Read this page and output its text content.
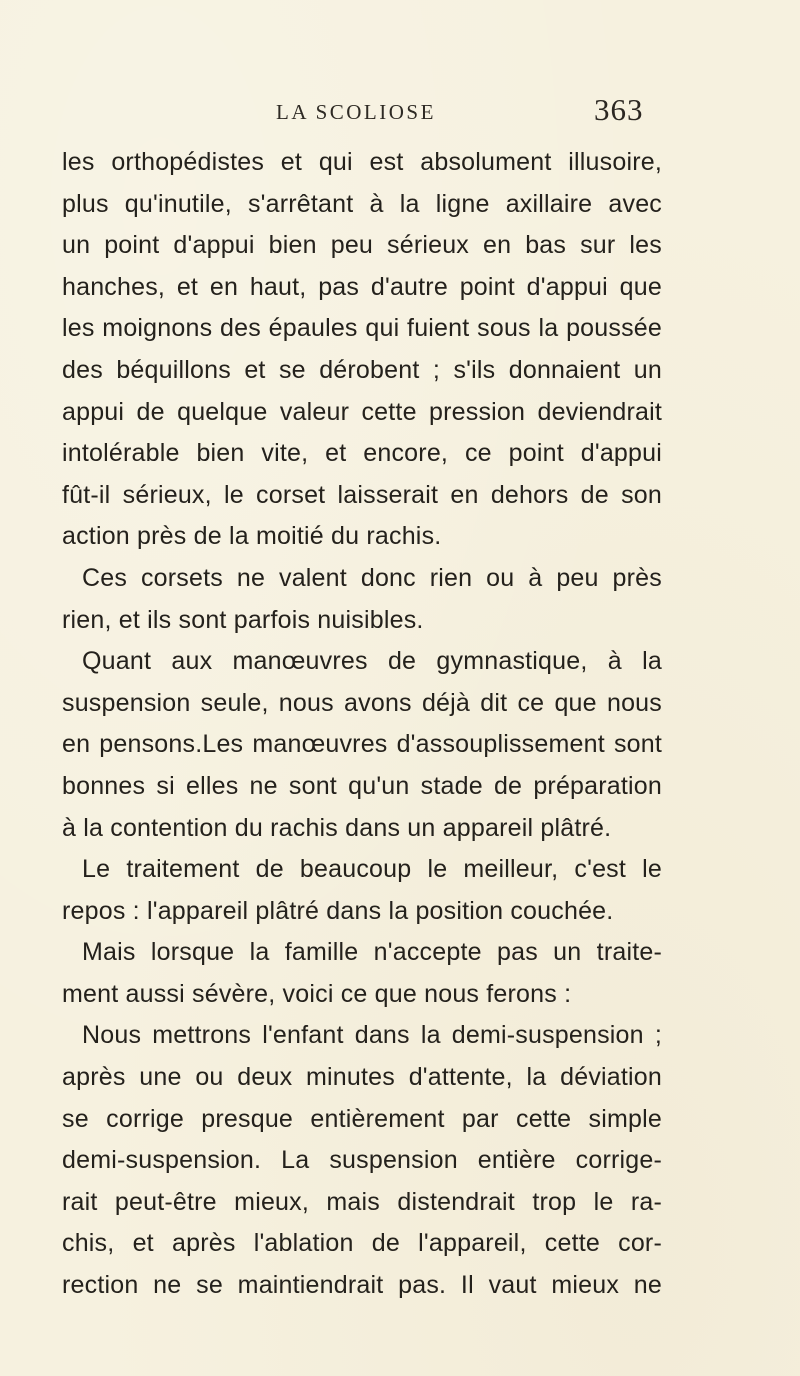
LA SCOLIOSE	363
les orthopédistes et qui est absolument illusoire,
plus qu'inutile, s'arrêtant à la ligne axillaire avec
un point d'appui bien peu sérieux en bas sur les
hanches, et en haut, pas d'autre point d'appui que
les moignons des épaules qui fuient sous la poussée
des béquillons et se dérobent ; s'ils donnaient un
appui de quelque valeur cette pression deviendrait
intolérable bien vite, et encore, ce point d'appui
fût-il sérieux, le corset laisserait en dehors de son
action près de la moitié du rachis.
Ces corsets ne valent donc rien ou à peu près
rien, et ils sont parfois nuisibles.
Quant aux manœuvres de gymnastique, à la
suspension seule, nous avons déjà dit ce que nous
en pensons.Les manœuvres d'assouplissement sont
bonnes si elles ne sont qu'un stade de préparation
à la contention du rachis dans un appareil plâtré.
Le traitement de beaucoup le meilleur, c'est le
repos : l'appareil plâtré dans la position couchée.
Mais lorsque la famille n'accepte pas un traite-
ment aussi sévère, voici ce que nous ferons :
Nous mettrons l'enfant dans la demi-suspension ;
après une ou deux minutes d'attente, la déviation
se corrige presque entièrement par cette simple
demi-suspension. La suspension entière corrige-
rait peut-être mieux, mais distendrait trop le ra-
chis, et après l'ablation de l'appareil, cette cor-
rection ne se maintiendrait pas. Il vaut mieux ne
